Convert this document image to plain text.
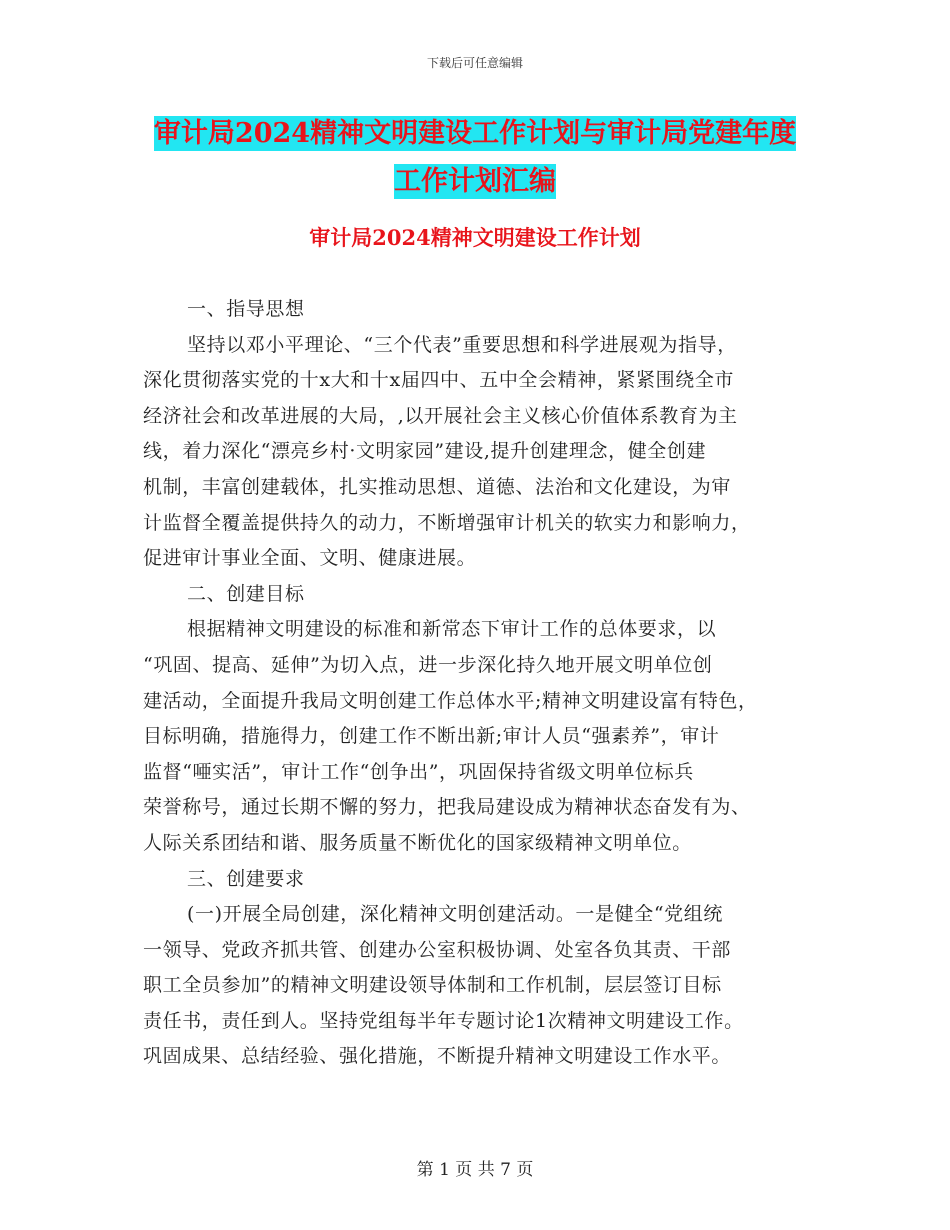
下载后可任意编辑
审计局2024精神文明建设工作计划与审计局党建年度
工作计划汇编
审计局2024精神文明建设工作计划

一、指导思想

坚持以邓小平理论、“三个代表”重要思想和科学进展观为指导，

深化贯彻落实党的十x大和十x届四中、五中全会精神，紧紧围绕全市

经济社会和改革进展的大局，,以开展社会主义核心价值体系教育为主

线，着力深化“漂亮乡村·文明家园”建设,提升创建理念，健全创建

机制，丰富创建载体，扎实推动思想、道德、法治和文化建设，为审

计监督全覆盖提供持久的动力，不断增强审计机关的软实力和影响力，

促进审计事业全面、文明、健康进展。

二、创建目标

根据精神文明建设的标准和新常态下审计工作的总体要求，以

“巩固、提高、延伸”为切入点，进一步深化持久地开展文明单位创

建活动，全面提升我局文明创建工作总体水平;精神文明建设富有特色，

目标明确，措施得力，创建工作不断出新;审计人员“强素养”，审计

监督“唖实活”，审计工作“创争出”，巩固保持省级文明单位标兵

荣誉称号，通过长期不懈的努力，把我局建设成为精神状态奋发有为、

人际关系团结和谐、服务质量不断优化的国家级精神文明单位。

三、创建要求

(一)开展全局创建，深化精神文明创建活动。一是健全“党组统

一领导、党政齐抓共管、创建办公室积极协调、处室各负其责、干部

职工全员参加”的精神文明建设领导体制和工作机制，层层签订目标

责任书，责任到人。坚持党组每半年专题讨论1次精神文明建设工作。

巩固成果、总结经验、强化措施，不断提升精神文明建设工作水平。

第 1 页 共 7 页
